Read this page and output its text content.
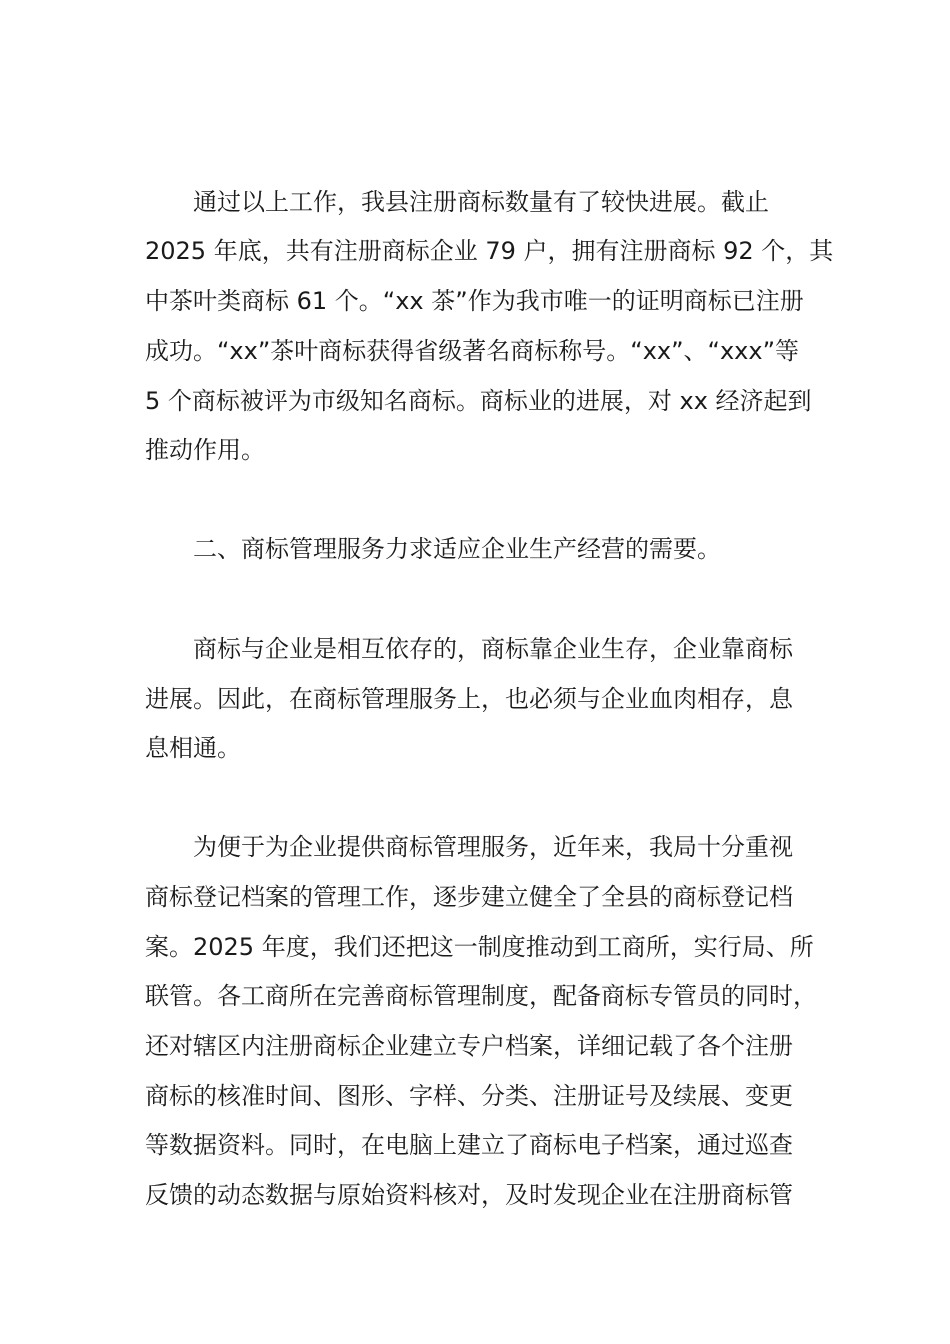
通过以上工作，我县注册商标数量有了较快进展。截止

2025 年底，共有注册商标企业 79 户，拥有注册商标 92 个，其

中茶叶类商标 61 个。“xx 茶”作为我市唯一的证明商标已注册

成功。“xx”茶叶商标获得省级著名商标称号。“xx”、“xxx”等

5 个商标被评为市级知名商标。商标业的进展，对 xx 经济起到

推动作用。

二、商标管理服务力求适应企业生产经营的需要。

商标与企业是相互依存的，商标靠企业生存，企业靠商标

进展。因此，在商标管理服务上，也必须与企业血肉相存，息

息相通。

为便于为企业提供商标管理服务，近年来，我局十分重视

商标登记档案的管理工作，逐步建立健全了全县的商标登记档

案。2025 年度，我们还把这一制度推动到工商所，实行局、所

联管。各工商所在完善商标管理制度，配备商标专管员的同时，

还对辖区内注册商标企业建立专户档案，详细记载了各个注册

商标的核准时间、图形、字样、分类、注册证号及续展、变更

等数据资料。同时，在电脑上建立了商标电子档案，通过巡查

反馈的动态数据与原始资料核对，及时发现企业在注册商标管
